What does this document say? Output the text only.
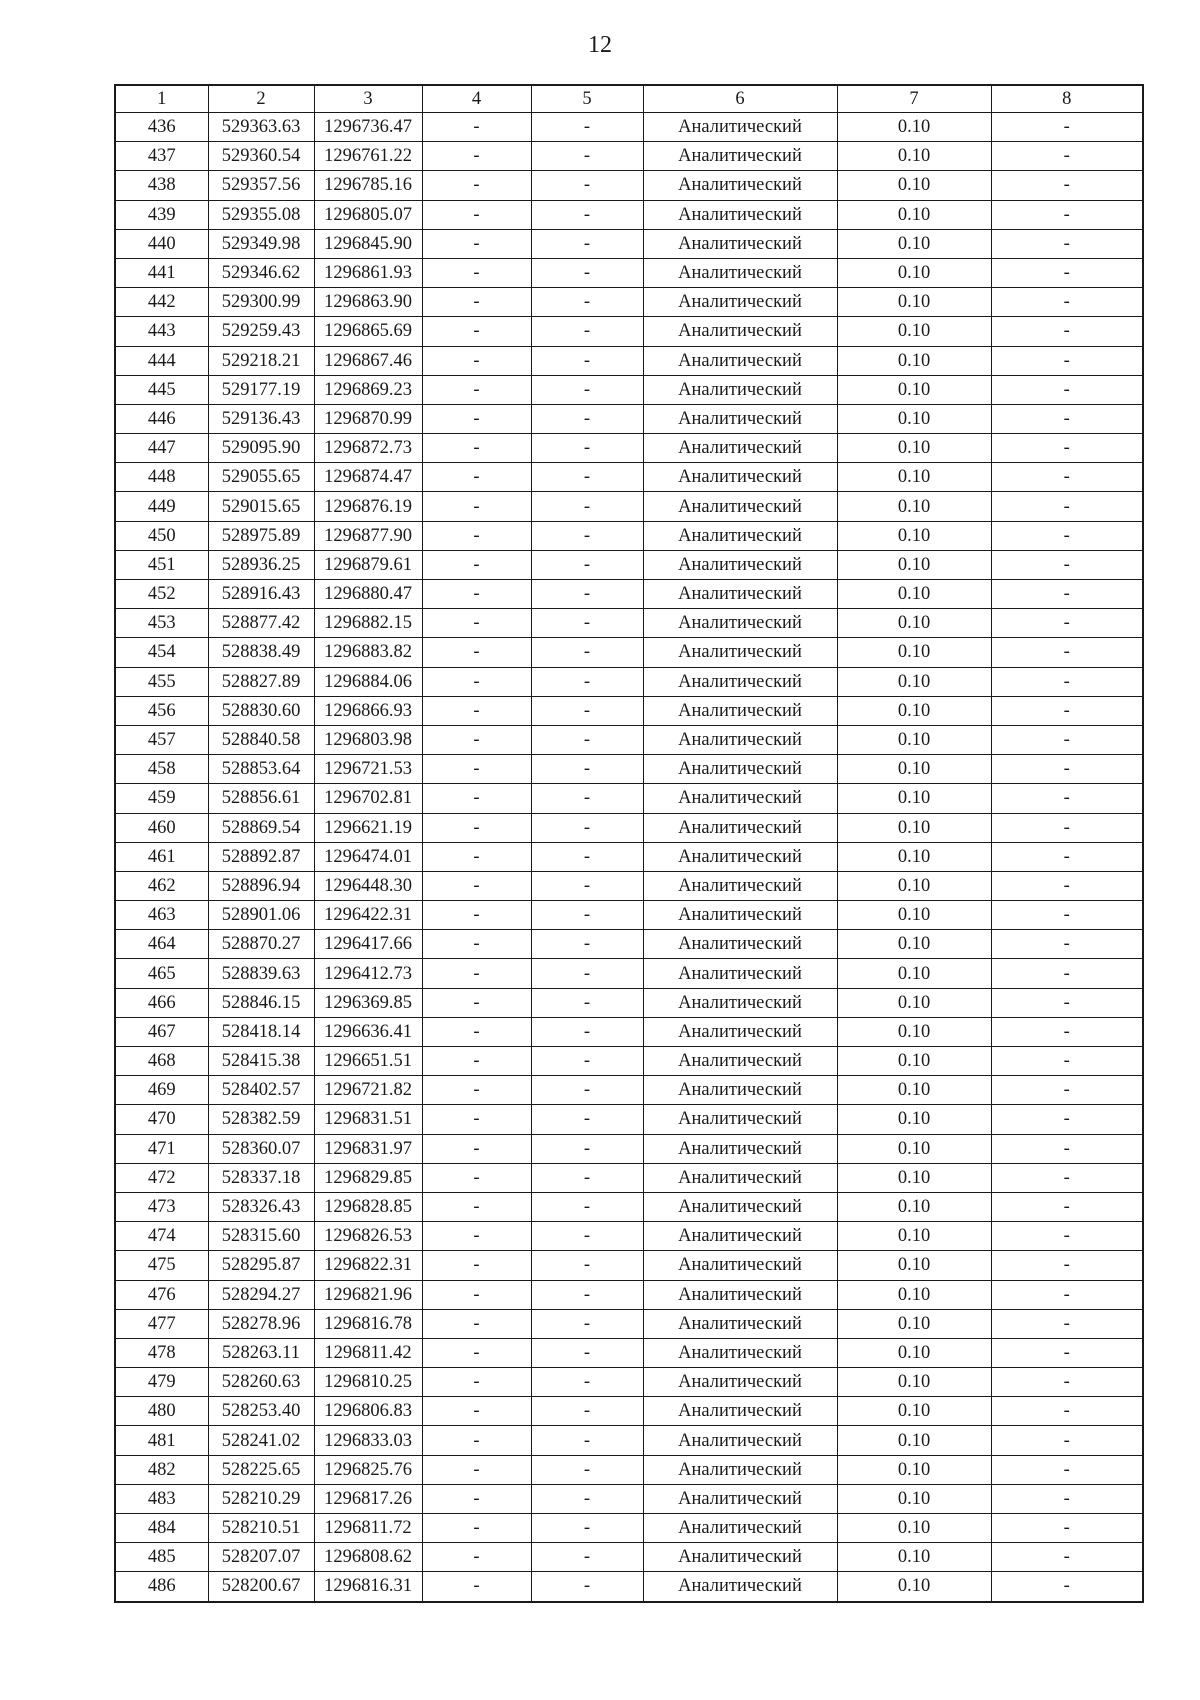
12
1	2	3	4	5	6	7	8
436	529363.63	1296736.47	-	-	Аналитический	0.10	-
437	529360.54	1296761.22	-	-	Аналитический	0.10	-
438	529357.56	1296785.16	-	-	Аналитический	0.10	-
439	529355.08	1296805.07	-	-	Аналитический	0.10	-
440	529349.98	1296845.90	-	-	Аналитический	0.10	-
441	529346.62	1296861.93	-	-	Аналитический	0.10	-
442	529300.99	1296863.90	-	-	Аналитический	0.10	-
443	529259.43	1296865.69	-	-	Аналитический	0.10	-
444	529218.21	1296867.46	-	-	Аналитический	0.10	-
445	529177.19	1296869.23	-	-	Аналитический	0.10	-
446	529136.43	1296870.99	-	-	Аналитический	0.10	-
447	529095.90	1296872.73	-	-	Аналитический	0.10	-
448	529055.65	1296874.47	-	-	Аналитический	0.10	-
449	529015.65	1296876.19	-	-	Аналитический	0.10	-
450	528975.89	1296877.90	-	-	Аналитический	0.10	-
451	528936.25	1296879.61	-	-	Аналитический	0.10	-
452	528916.43	1296880.47	-	-	Аналитический	0.10	-
453	528877.42	1296882.15	-	-	Аналитический	0.10	-
454	528838.49	1296883.82	-	-	Аналитический	0.10	-
455	528827.89	1296884.06	-	-	Аналитический	0.10	-
456	528830.60	1296866.93	-	-	Аналитический	0.10	-
457	528840.58	1296803.98	-	-	Аналитический	0.10	-
458	528853.64	1296721.53	-	-	Аналитический	0.10	-
459	528856.61	1296702.81	-	-	Аналитический	0.10	-
460	528869.54	1296621.19	-	-	Аналитический	0.10	-
461	528892.87	1296474.01	-	-	Аналитический	0.10	-
462	528896.94	1296448.30	-	-	Аналитический	0.10	-
463	528901.06	1296422.31	-	-	Аналитический	0.10	-
464	528870.27	1296417.66	-	-	Аналитический	0.10	-
465	528839.63	1296412.73	-	-	Аналитический	0.10	-
466	528846.15	1296369.85	-	-	Аналитический	0.10	-
467	528418.14	1296636.41	-	-	Аналитический	0.10	-
468	528415.38	1296651.51	-	-	Аналитический	0.10	-
469	528402.57	1296721.82	-	-	Аналитический	0.10	-
470	528382.59	1296831.51	-	-	Аналитический	0.10	-
471	528360.07	1296831.97	-	-	Аналитический	0.10	-
472	528337.18	1296829.85	-	-	Аналитический	0.10	-
473	528326.43	1296828.85	-	-	Аналитический	0.10	-
474	528315.60	1296826.53	-	-	Аналитический	0.10	-
475	528295.87	1296822.31	-	-	Аналитический	0.10	-
476	528294.27	1296821.96	-	-	Аналитический	0.10	-
477	528278.96	1296816.78	-	-	Аналитический	0.10	-
478	528263.11	1296811.42	-	-	Аналитический	0.10	-
479	528260.63	1296810.25	-	-	Аналитический	0.10	-
480	528253.40	1296806.83	-	-	Аналитический	0.10	-
481	528241.02	1296833.03	-	-	Аналитический	0.10	-
482	528225.65	1296825.76	-	-	Аналитический	0.10	-
483	528210.29	1296817.26	-	-	Аналитический	0.10	-
484	528210.51	1296811.72	-	-	Аналитический	0.10	-
485	528207.07	1296808.62	-	-	Аналитический	0.10	-
486	528200.67	1296816.31	-	-	Аналитический	0.10	-
